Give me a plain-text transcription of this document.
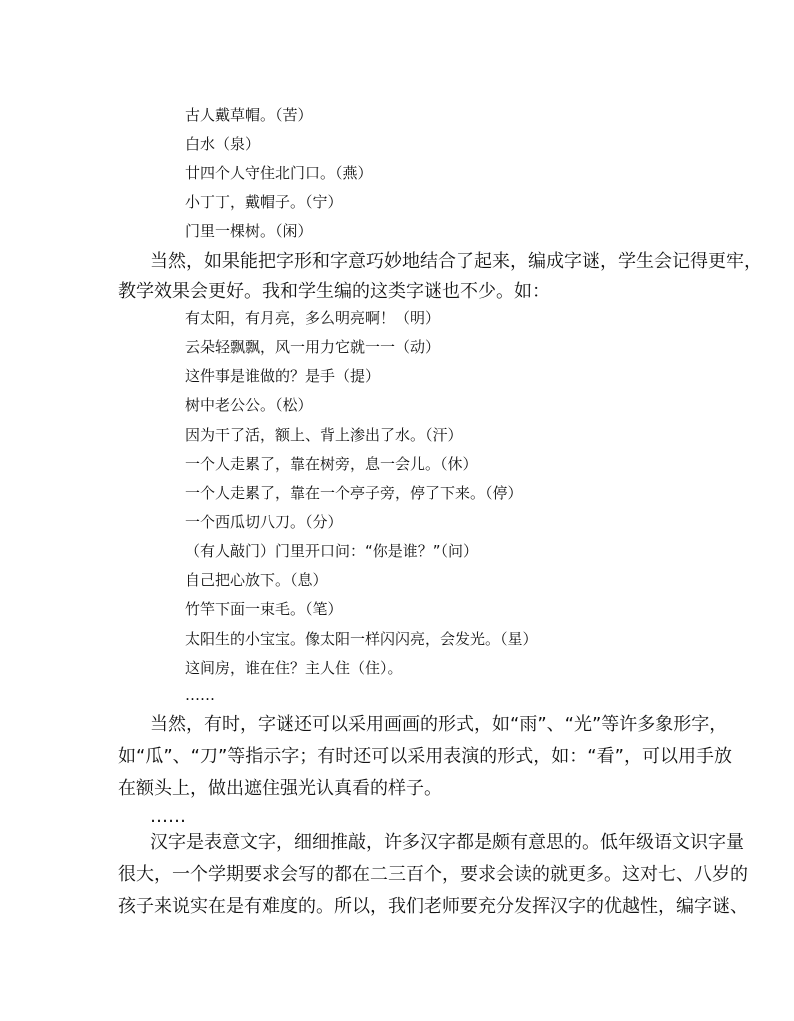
古人戴草帽。（苦）
白水（泉）
廿四个人守住北门口。（燕）
小丁丁，戴帽子。（宁）
门里一棵树。（闲）
当然，如果能把字形和字意巧妙地结合了起来，编成字谜，学生会记得更牢，
教学效果会更好。我和学生编的这类字谜也不少。如：
有太阳，有月亮，多么明亮啊！（明）
云朵轻飘飘，风一用力它就一一（动）
这件事是谁做的？是手（提）
树中老公公。（松）
因为干了活，额上、背上渗出了水。（汗）
一个人走累了，靠在树旁，息一会儿。（休）
一个人走累了，靠在一个亭子旁，停了下来。（停）
一个西瓜切八刀。（分）
（有人敲门）门里开口问：“你是谁？”（问）
自己把心放下。（息）
竹竿下面一束毛。（笔）
太阳生的小宝宝。像太阳一样闪闪亮，会发光。（星）
这间房，谁在住？主人住（住）。
……
当然，有时，字谜还可以采用画画的形式，如“雨”、“光”等许多象形字，
如“瓜”、“刀”等指示字；有时还可以采用表演的形式，如：“看”，可以用手放
在额头上，做出遮住强光认真看的样子。
……
汉字是表意文字，细细推敲，许多汉字都是颇有意思的。低年级语文识字量
很大，一个学期要求会写的都在二三百个，要求会读的就更多。这对七、八岁的
孩子来说实在是有难度的。所以，我们老师要充分发挥汉字的优越性，编字谜、
